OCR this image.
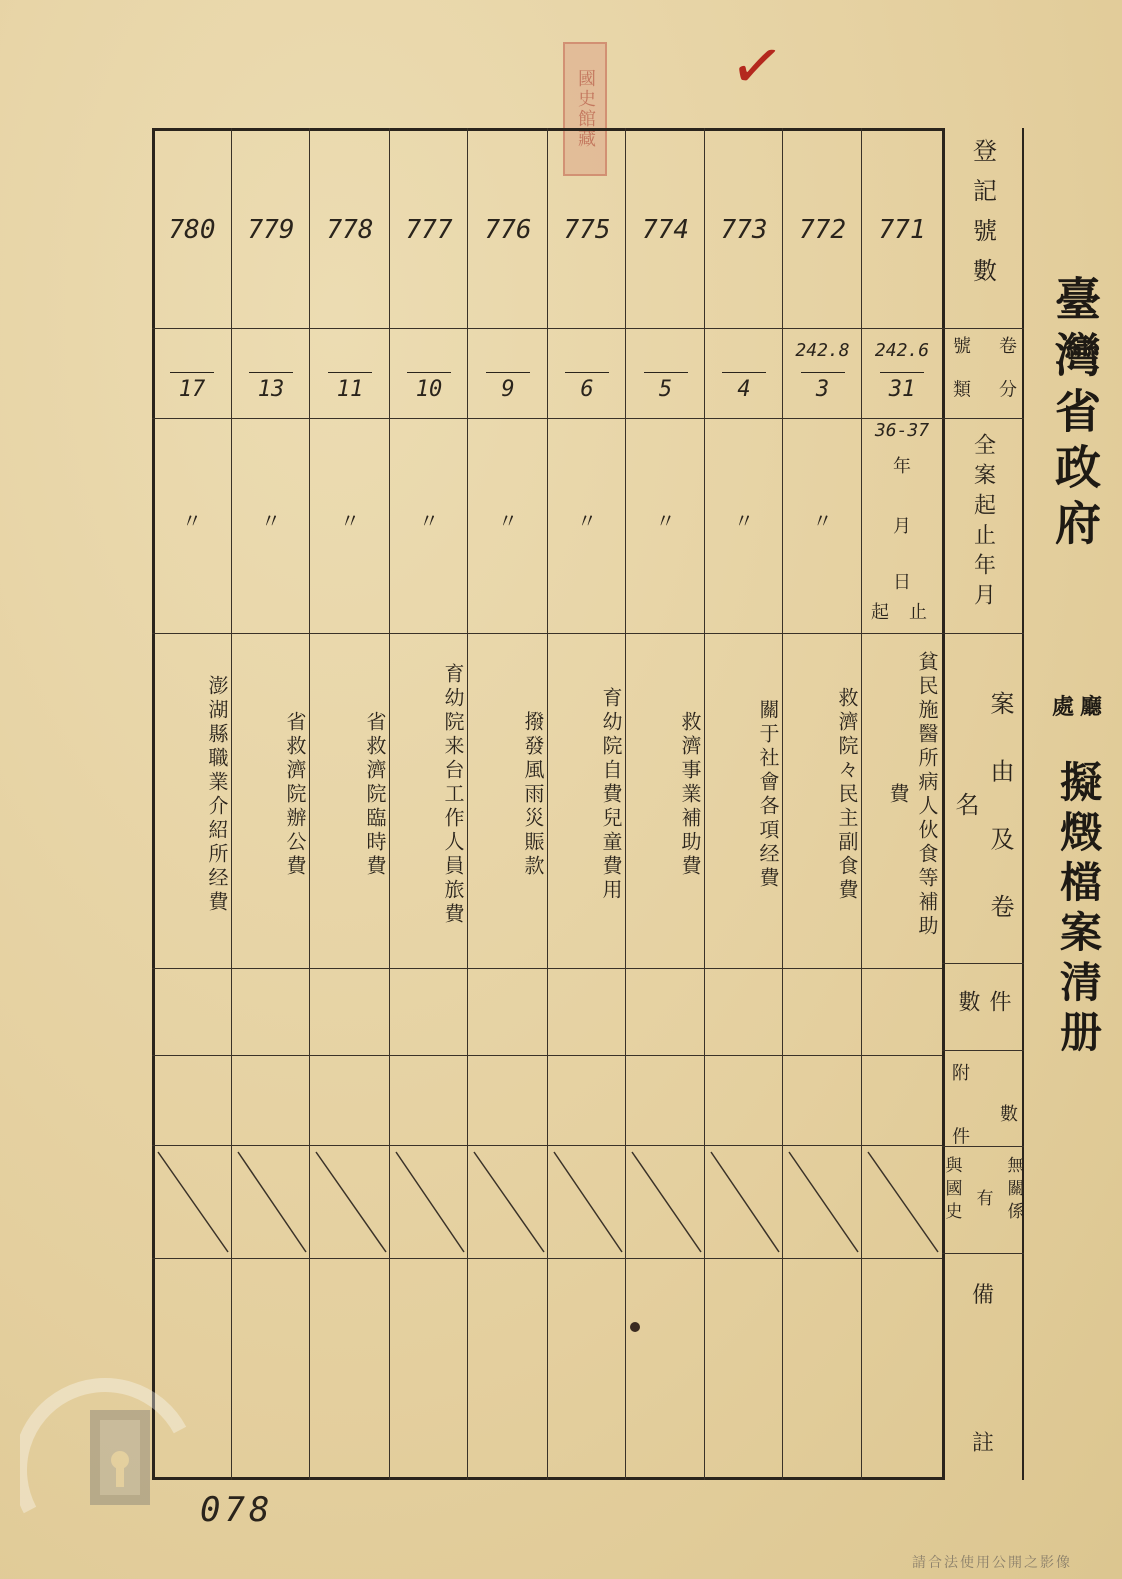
國史館藏
✓
臺灣省政府
廳
處
擬燬檔案清册
登記號數
號 類 卷 分
全案起止年月
案 由 及 卷 名
件 數
附 件 數
與國史 有 無關係
備
註
771
242.6
31
貧民施醫所病人伙食等補助費
772
242.8
3
〃
救濟院々民主副食費
773
4
〃
關于社會各項经費
774
5
〃
救濟事業補助費
775
6
〃
育幼院自費兒童費用
776
9
〃
撥發風雨災賑款
777
10
〃
育幼院来台工作人員旅費
778
11
〃
省救濟院臨時費
779
13
〃
省救濟院辦公費
780
17
〃
澎湖縣職業介紹所经費
36-37
年
月
日
起	止
078
請合法使用公開之影像
